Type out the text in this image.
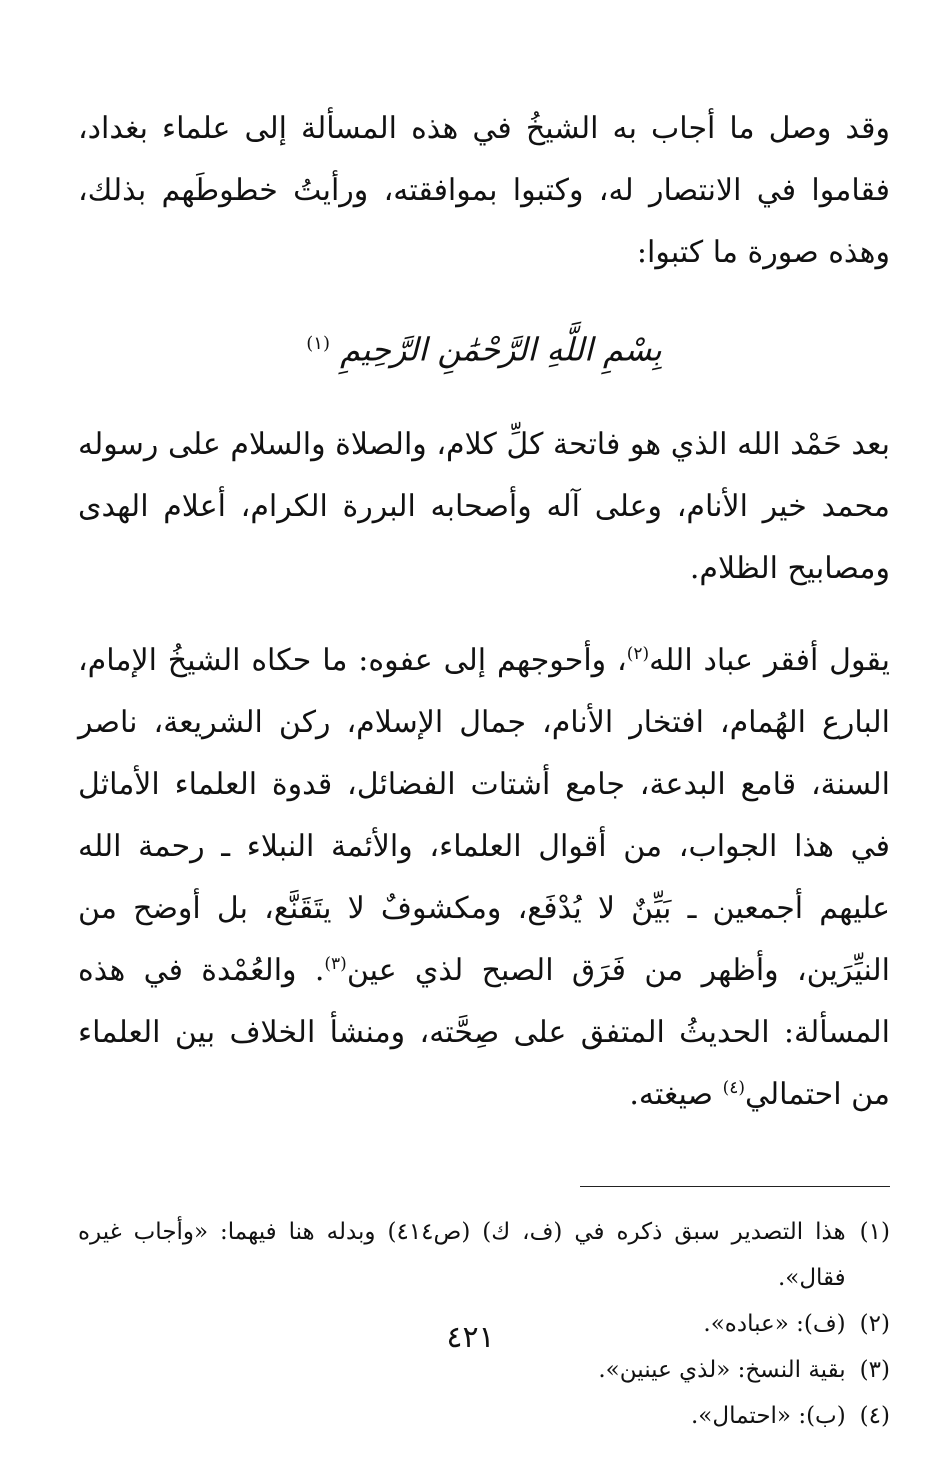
وقد وصل ما أجاب به الشيخُ في هذه المسألة إلى علماء بغداد، فقاموا في الانتصار له، وكتبوا بموافقته، ورأيتُ خطوطَهم بذلك، وهذه صورة ما كتبوا:

بِسْمِ اللَّهِ الرَّحْمَٰنِ الرَّحِيمِ $^{(١)}$

بعد حَمْد الله الذي هو فاتحة كلِّ كلام، والصلاة والسلام على رسوله محمد خير الأنام، وعلى آله وأصحابه البررة الكرام، أعلام الهدى ومصابيح الظلام.

يقول أفقر عباد الله$^{(٢)}$، وأحوجهم إلى عفوه: ما حكاه الشيخُ الإمام، البارع الهُمام، افتخار الأنام، جمال الإسلام، ركن الشريعة، ناصر السنة، قامع البدعة، جامع أشتات الفضائل، قدوة العلماء الأماثل في هذا الجواب، من أقوال العلماء، والأئمة النبلاء ـ رحمة الله عليهم أجمعين ـ بَيِّنٌ لا يُدْفَع، ومكشوفٌ لا يتَقَنَّع، بل أوضح من النيِّرَين، وأظهر من فَرَق الصبح لذي عين$^{(٣)}$. والعُمْدة في هذه المسألة: الحديثُ المتفق على صِحَّته، ومنشأ الخلاف بين العلماء من احتمالي$^{(٤)}$ صيغته.

(١)
هذا التصدير سبق ذكره في (ف، ك) (ص٤١٤) وبدله هنا فيهما: «وأجاب غيره فقال».
(٢)
(ف): «عباده».
(٣)
بقية النسخ: «لذي عينين».
(٤)
(ب): «احتمال».
٤٢١
